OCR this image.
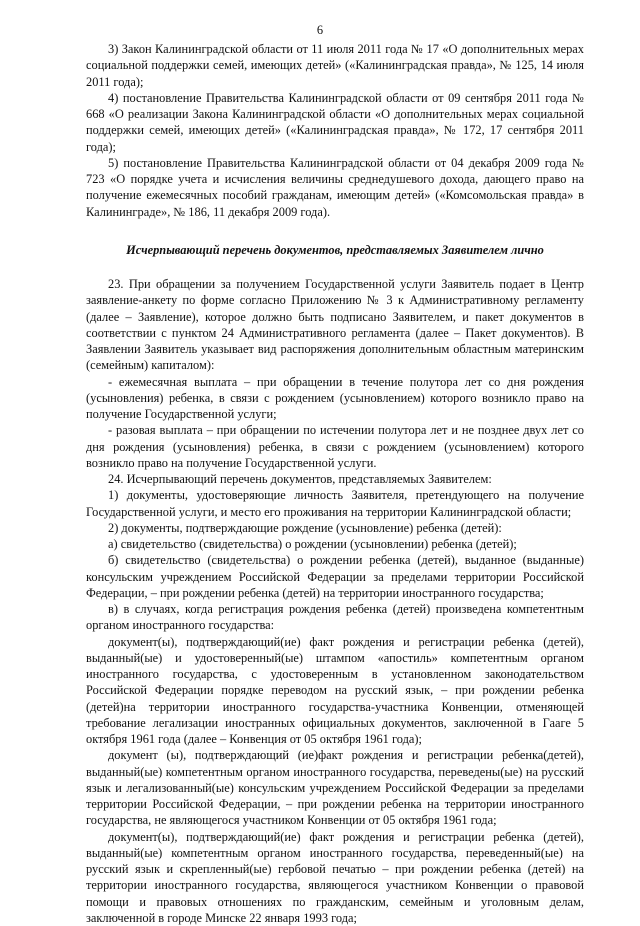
6

3) Закон Калининградской области от 11 июля 2011 года № 17 «О дополнительных мерах социальной поддержки семей, имеющих детей» («Калининградская правда», № 125, 14 июля 2011 года);

4) постановление Правительства Калининградской области от 09 сентября 2011 года № 668 «О реализации Закона Калининградской области «О дополнительных мерах социальной поддержки семей, имеющих детей» («Калининградская правда», № 172, 17 сентября 2011 года);

5) постановление Правительства Калининградской области от 04 декабря 2009 года № 723 «О порядке учета и исчисления величины среднедушевого дохода, дающего право на получение ежемесячных пособий гражданам, имеющим детей» («Комсомольская правда» в Калининграде», № 186, 11 декабря 2009 года).

Исчерпывающий перечень документов, представляемых Заявителем лично

23. При обращении за получением Государственной услуги Заявитель подает в Центр заявление-анкету по форме согласно Приложению № 3 к Административному регламенту (далее – Заявление), которое должно быть подписано Заявителем, и пакет документов в соответствии с пунктом 24 Административного регламента (далее – Пакет документов). В Заявлении Заявитель указывает вид распоряжения дополнительным областным материнским (семейным) капиталом):

- ежемесячная выплата – при обращении в течение полутора лет со дня рождения (усыновления) ребенка, в связи с рождением (усыновлением) которого возникло право на получение Государственной услуги;

- разовая выплата – при обращении по истечении полутора лет и не позднее двух лет со дня рождения (усыновления) ребенка, в связи с рождением (усыновлением) которого возникло право на получение Государственной услуги.

24. Исчерпывающий перечень документов, представляемых Заявителем:

1) документы, удостоверяющие личность Заявителя, претендующего на получение Государственной услуги, и место его проживания на территории Калининградской области;

2) документы, подтверждающие рождение (усыновление) ребенка (детей):

а) свидетельство (свидетельства) о рождении (усыновлении) ребенка (детей);

б) свидетельство (свидетельства) о рождении ребенка (детей), выданное (выданные) консульским учреждением Российской Федерации за пределами территории Российской Федерации, – при рождении ребенка (детей) на территории иностранного государства;

в) в случаях, когда регистрация рождения ребенка (детей) произведена компетентным органом иностранного государства:

документ(ы), подтверждающий(ие) факт рождения и регистрации ребенка (детей), выданный(ые) и удостоверенный(ые) штампом «апостиль» компетентным органом иностранного государства, с удостоверенным в установленном законодательством Российской Федерации порядке переводом на русский язык, – при рождении ребенка (детей)на территории иностранного государства-участника Конвенции, отменяющей требование легализации иностранных официальных документов, заключенной в Гааге 5 октября 1961 года (далее – Конвенция от 05 октября 1961 года);

документ (ы), подтверждающий (ие)факт рождения и регистрации ребенка(детей), выданный(ые) компетентным органом иностранного государства, переведены(ые) на русский язык и легализованный(ые) консульским учреждением Российской Федерации за пределами территории Российской Федерации, – при рождении ребенка на территории иностранного государства, не являющегося участником Конвенции от 05 октября 1961 года;

документ(ы), подтверждающий(ие) факт рождения и регистрации ребенка (детей), выданный(ые) компетентным органом иностранного государства, переведенный(ые) на русский язык и скрепленный(ые) гербовой печатью – при рождении ребенка (детей) на территории иностранного государства, являющегося участником Конвенции о правовой помощи и правовых отношениях по гражданским, семейным и уголовным делам, заключенной в городе Минске 22 января 1993 года;
